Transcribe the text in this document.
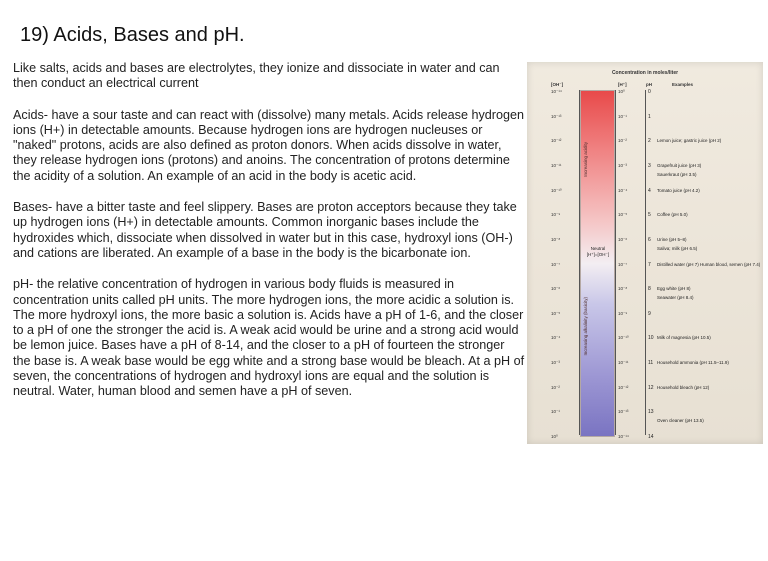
19) Acids, Bases and pH.

Like salts, acids and bases are electrolytes, they ionize and dissociate in water and can then conduct an electrical current

Acids- have a sour taste and can react with (dissolve) many metals. Acids release hydrogen ions (H+) in detectable amounts. Because hydrogen ions are hydrogen nucleuses or "naked" protons, acids are also defined as proton donors. When acids dissolve in water, they release hydrogen ions (protons) and anoins. The concentration of protons determine the acidity of a solution. An example of an acid in the body is acetic acid.

Bases- have a bitter taste and feel slippery. Bases are proton acceptors because they take up hydrogen ions (H+) in detectable amounts. Common inorganic bases include the hydroxides which, dissociate when dissolved in water but in this case, hydroxyl ions (OH-) and cations are liberated. An example of a base in the body is the bicarbonate ion.

pH- the relative concentration of hydrogen in various body fluids is measured in concentration units called pH units. The more hydrogen ions, the more acidic a solution is. The more hydroxyl ions, the more basic a solution is. Acids have a pH of 1-6, and the closer to a pH of one the stronger the acid is. A weak acid would be urine and a strong acid would be lemon juice. Bases have a pH of 8-14, and the closer to a pH of fourteen the stronger the base is. A weak base would be egg white and a strong base would be bleach. At a pH of seven, the concentrations of hydrogen and hydroxyl ions are equal and the solution is neutral. Water, human blood and semen have a pH of seven.

Concentration in moles/liter
[OH⁻]	[H⁺]	pH	Examples
Increasing acidity
Increasing alkalinity (basicity)
Neutral
[H⁺]=[OH⁻]
10⁻¹⁴	10⁰	0
10⁻¹³	10⁻¹	1
10⁻¹²	10⁻²	2 Lemon juice; gastric juice (pH 2)
10⁻¹¹	10⁻³	3 Grapefruit juice (pH 3)
Sauerkraut (pH 3.5)
10⁻¹⁰	10⁻⁴	4 Tomato juice (pH 4.2)
10⁻⁹	10⁻⁵	5 Coffee (pH 5.0)
10⁻⁸	10⁻⁶	6 Urine (pH 5–8)
Saliva; milk (pH 6.5)
10⁻⁷	10⁻⁷	7 Distilled water (pH 7) Human blood, semen (pH 7.4)
10⁻⁶	10⁻⁸	8 Egg white (pH 8)
Seawater (pH 8.4)
10⁻⁵	10⁻⁹	9
10⁻⁴	10⁻¹⁰	10 Milk of magnesia (pH 10.5)
10⁻³	10⁻¹¹	11 Household ammonia (pH 11.5–11.9)
10⁻²	10⁻¹²	12 Household bleach (pH 12)
10⁻¹	10⁻¹³	13
Oven cleaner (pH 13.5)
10⁰	10⁻¹⁴	14
